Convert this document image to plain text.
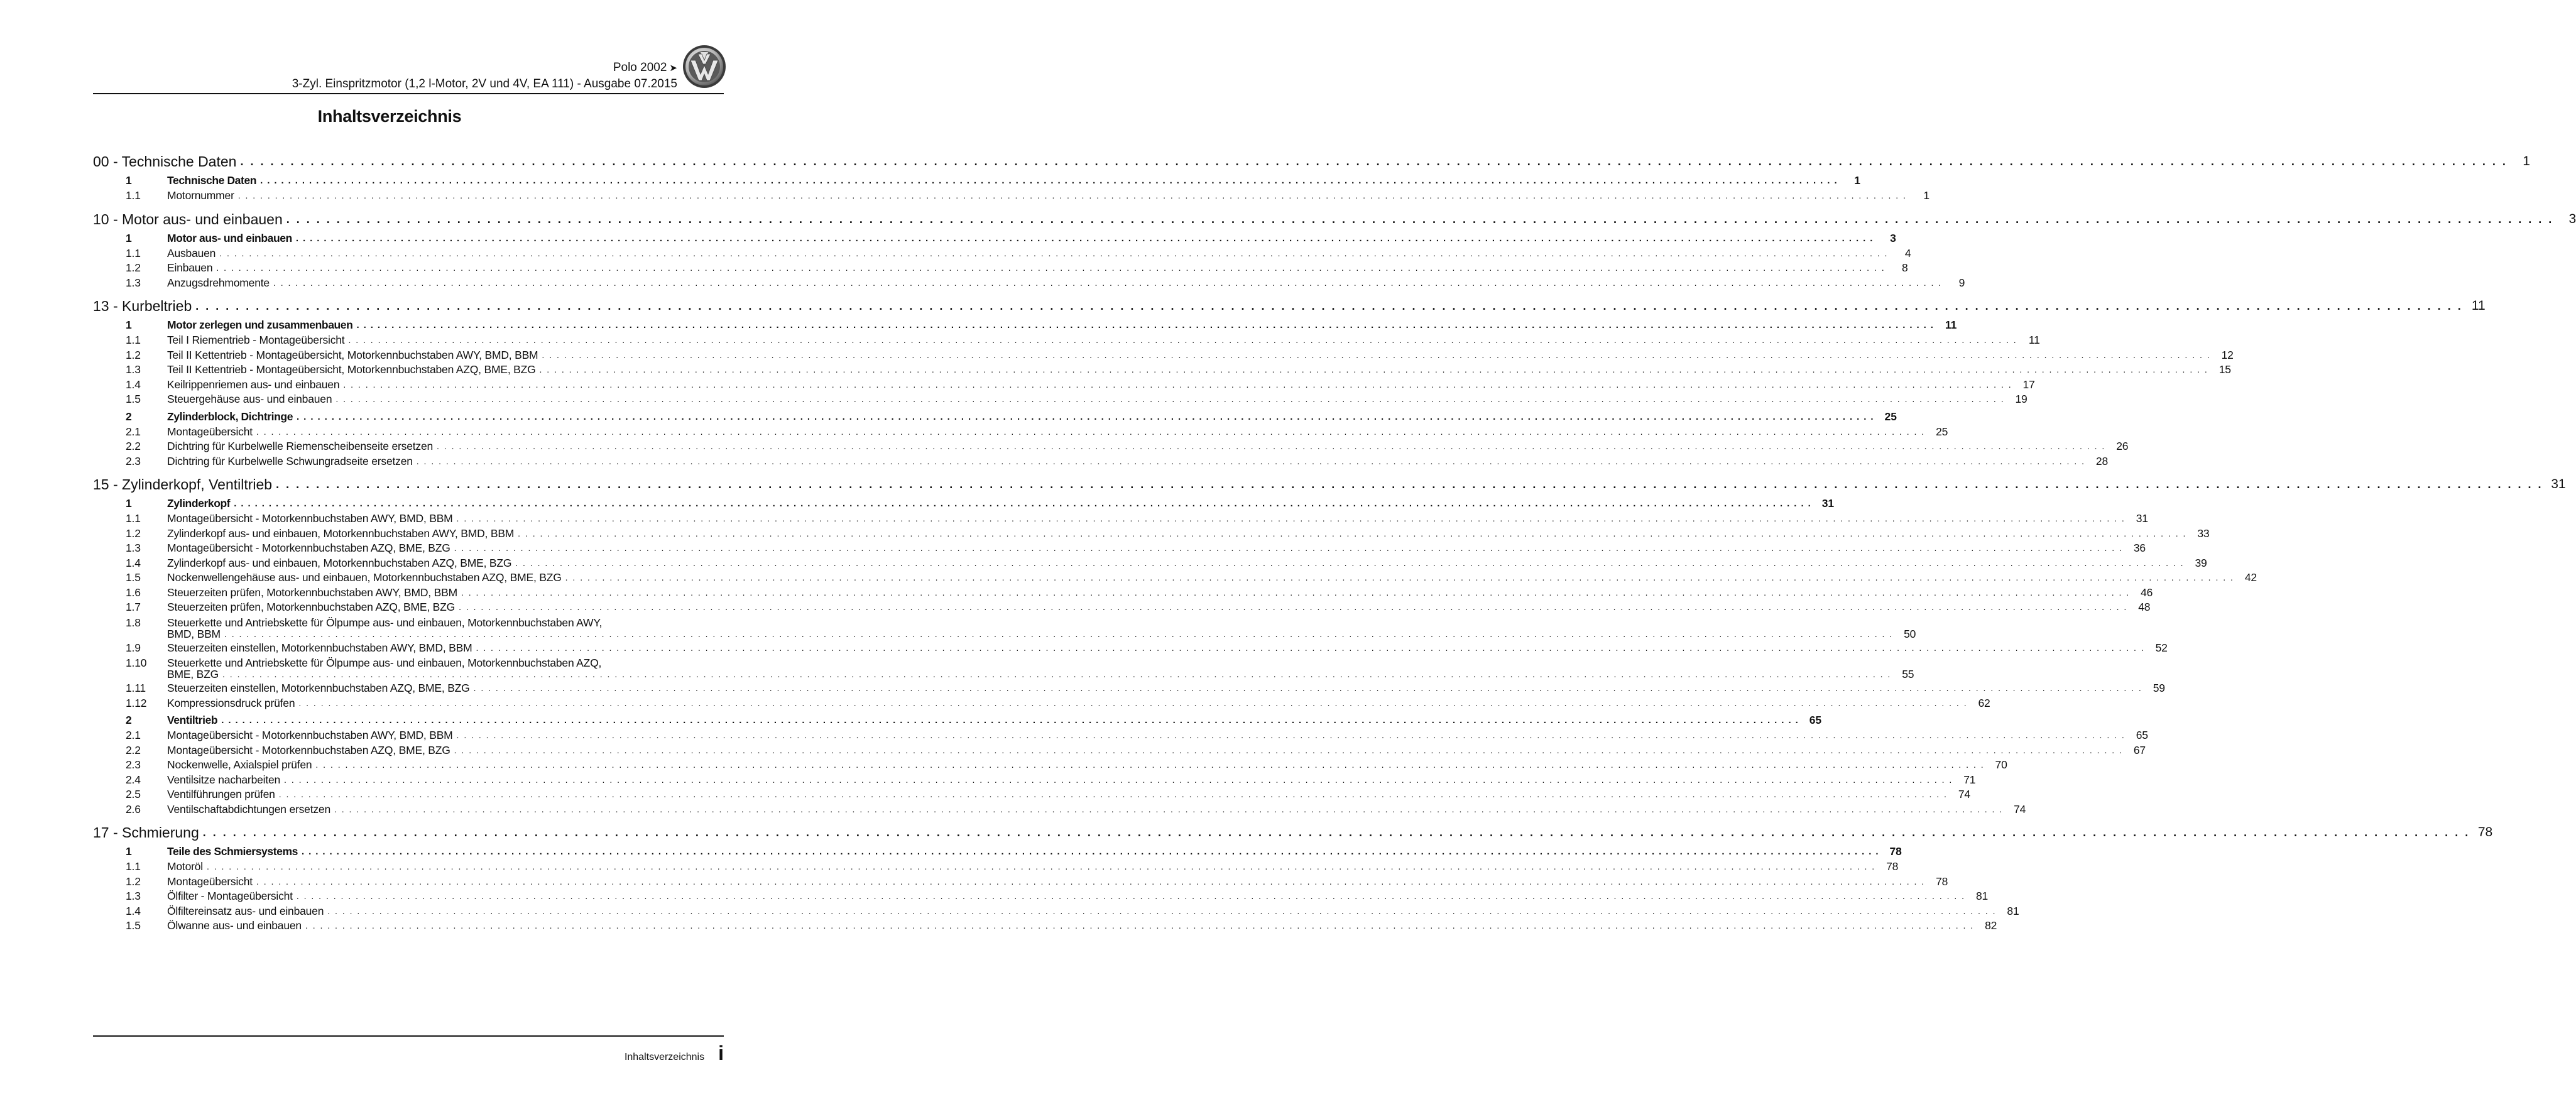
Polo 2002 ➤
3-Zyl. Einspritzmotor (1,2 l-Motor, 2V und 4V, EA 111) - Ausgabe 07.2015
Inhaltsverzeichnis
00 - Technische Daten . . .	1
1	Technische Daten . . .	1
1.1	Motornummer . . .	1
10 - Motor aus- und einbauen . . .	3
1	Motor aus- und einbauen . . .	3
1.1	Ausbauen . . .	4
1.2	Einbauen . . .	8
1.3	Anzugsdrehmomente . . .	9
13 - Kurbeltrieb . . .	11
1	Motor zerlegen und zusammenbauen . . .	11
1.1	Teil I Riementrieb - Montageübersicht . . .	11
1.2	Teil II Kettentrieb - Montageübersicht, Motorkennbuchstaben AWY, BMD, BBM . . .	12
1.3	Teil II Kettentrieb - Montageübersicht, Motorkennbuchstaben AZQ, BME, BZG . . .	15
1.4	Keilrippenriemen aus- und einbauen . . .	17
1.5	Steuergehäuse aus- und einbauen . . .	19
2	Zylinderblock, Dichtringe . . .	25
2.1	Montageübersicht . . .	25
2.2	Dichtring für Kurbelwelle Riemenscheibenseite ersetzen . . .	26
2.3	Dichtring für Kurbelwelle Schwungradseite ersetzen . . .	28
15 - Zylinderkopf, Ventiltrieb . . .	31
1	Zylinderkopf . . .	31
1.1	Montageübersicht - Motorkennbuchstaben AWY, BMD, BBM . . .	31
1.2	Zylinderkopf aus- und einbauen, Motorkennbuchstaben AWY, BMD, BBM . . .	33
1.3	Montageübersicht - Motorkennbuchstaben AZQ, BME, BZG . . .	36
1.4	Zylinderkopf aus- und einbauen, Motorkennbuchstaben AZQ, BME, BZG . . .	39
1.5	Nockenwellengehäuse aus- und einbauen, Motorkennbuchstaben AZQ, BME, BZG . . .	42
1.6	Steuerzeiten prüfen, Motorkennbuchstaben AWY, BMD, BBM . . .	46
1.7	Steuerzeiten prüfen, Motorkennbuchstaben AZQ, BME, BZG . . .	48
1.8	Steuerkette und Antriebskette für Ölpumpe aus- und einbauen, Motorkennbuchstaben AWY,
BMD, BBM . . .	50
1.9	Steuerzeiten einstellen, Motorkennbuchstaben AWY, BMD, BBM . . .	52
1.10	Steuerkette und Antriebskette für Ölpumpe aus- und einbauen, Motorkennbuchstaben AZQ,
BME, BZG . . .	55
1.11	Steuerzeiten einstellen, Motorkennbuchstaben AZQ, BME, BZG . . .	59
1.12	Kompressionsdruck prüfen . . .	62
2	Ventiltrieb . . .	65
2.1	Montageübersicht - Motorkennbuchstaben AWY, BMD, BBM . . .	65
2.2	Montageübersicht - Motorkennbuchstaben AZQ, BME, BZG . . .	67
2.3	Nockenwelle, Axialspiel prüfen . . .	70
2.4	Ventilsitze nacharbeiten . . .	71
2.5	Ventilführungen prüfen . . .	74
2.6	Ventilschaftabdichtungen ersetzen . . .	74
17 - Schmierung . . .	78
1	Teile des Schmiersystems . . .	78
1.1	Motoröl . . .	78
1.2	Montageübersicht . . .	78
1.3	Ölfilter - Montageübersicht . . .	81
1.4	Ölfiltereinsatz aus- und einbauen . . .	81
1.5	Ölwanne aus- und einbauen . . .	82
Inhaltsverzeichnis i
